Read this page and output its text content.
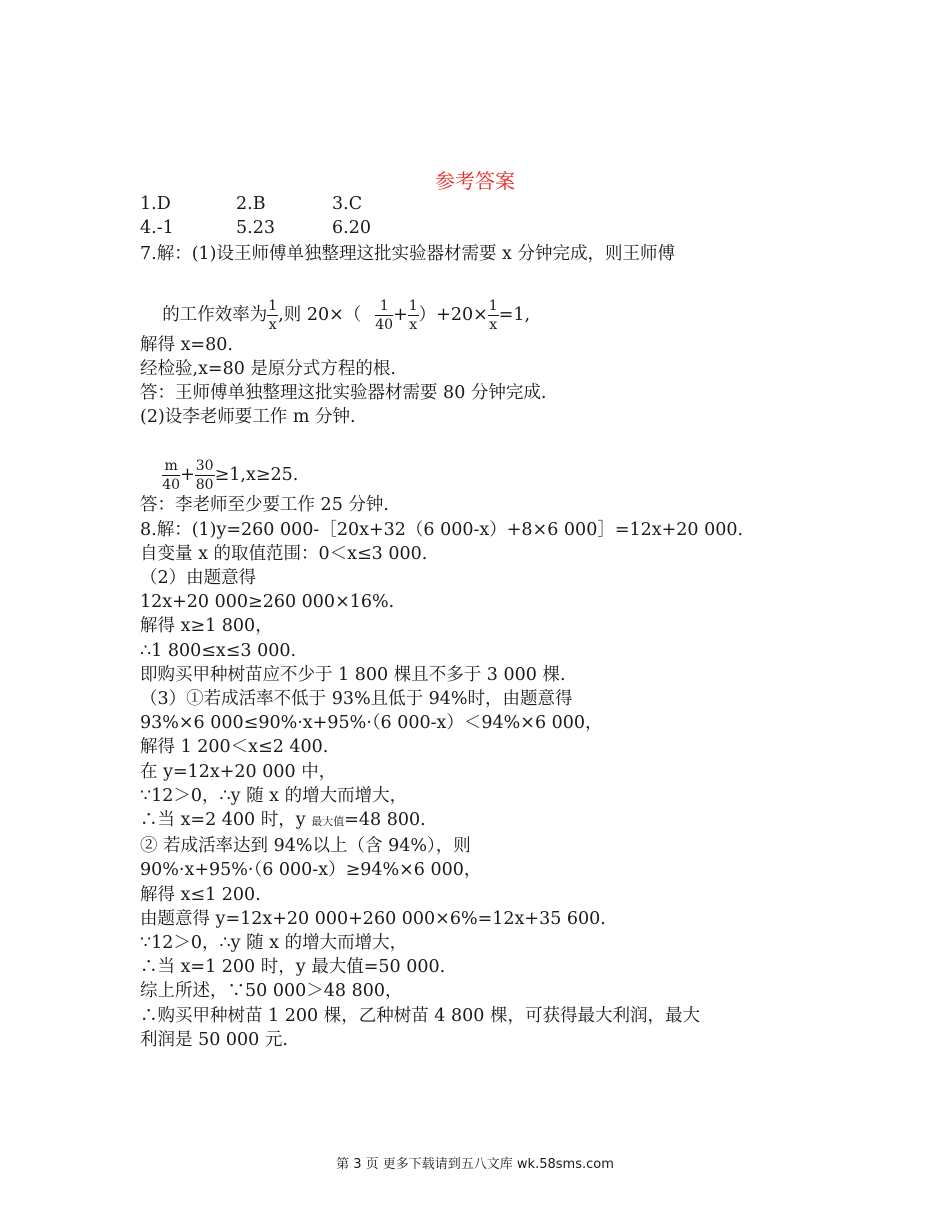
参考答案
1.D	2.B	3.C
4.-1	5.23	6.20
7.解：(1)设王师傅单独整理这批实验器材需要 x 分钟完成，则王师傅

的工作效率为 $\frac{1}{x}$ ,则 $20\times( \frac{1}{40} + \frac{1}{x} )+20\times \frac{1}{x} =1$,

解得 x=80.
经检验,x=80 是原分式方程的根.
答：王师傅单独整理这批实验器材需要 80 分钟完成.
(2)设李老师要工作 m 分钟.

$\frac{m}{40} + \frac{30}{80} \ge 1,x\ge 25$.

答：李老师至少要工作 25 分钟.
8.解：(1)y=260 000-［20x+32（6 000-x）+8×6 000］=12x+20 000.
自变量 x 的取值范围：0＜x≤3 000.
（2）由题意得
12x+20 000≥260 000×16%.
解得 x≥1 800，
∴1 800≤x≤3 000.
即购买甲种树苗应不少于 1 800 棵且不多于 3 000 棵.
（3）①若成活率不低于 93%且低于 94%时，由题意得
93%×6 000≤90%·x+95%·（6 000-x）＜94%×6 000，
解得 1 200＜x≤2 400.
在 y=12x+20 000 中，
∵12＞0，∴y 随 x 的增大而增大，
∴当 x=2 400 时，y 最大值=48 800.
② 若成活率达到 94%以上（含 94%），则
90%·x+95%·（6 000-x）≥94%×6 000，
解得 x≤1 200.
由题意得 y=12x+20 000+260 000×6%=12x+35 600.
∵12＞0，∴y 随 x 的增大而增大，
∴当 x=1 200 时，y 最大值=50 000.
综上所述，∵50 000＞48 800，
∴购买甲种树苗 1 200 棵，乙种树苗 4 800 棵，可获得最大利润，最大
利润是 50 000 元.
第 3 页 更多下载请到五八文库 wk.58sms.com
